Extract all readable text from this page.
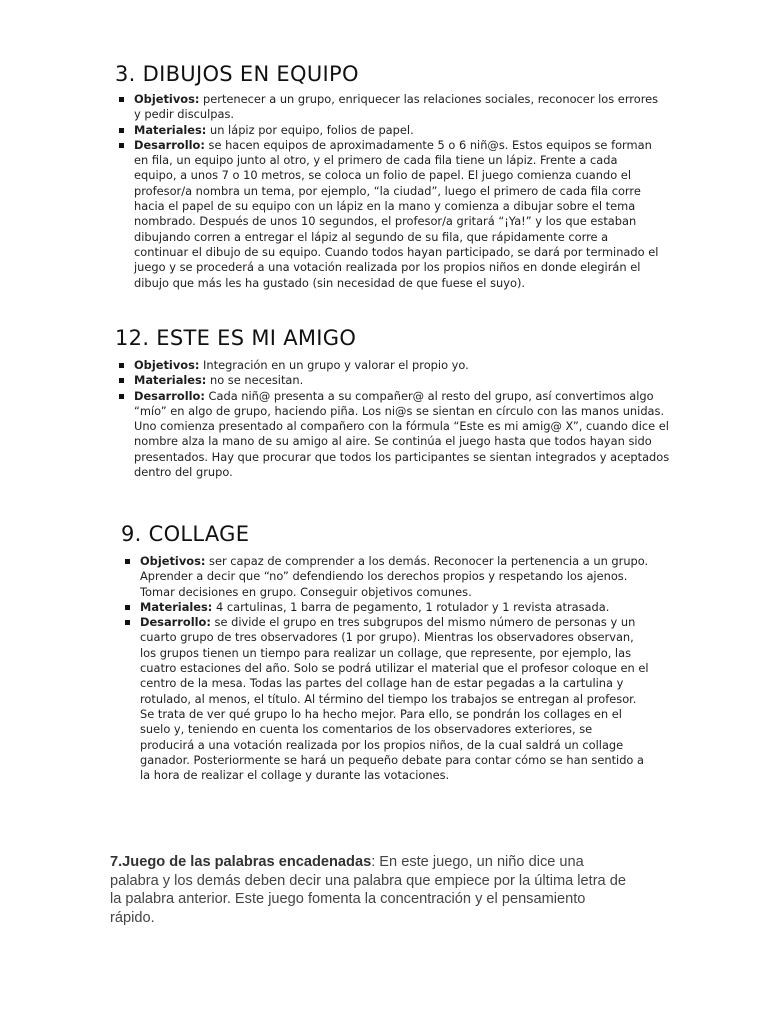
3. DIBUJOS EN EQUIPO
Objetivos: pertenecer a un grupo, enriquecer las relaciones sociales, reconocer los errores y pedir disculpas.
Materiales: un lápiz por equipo, folios de papel.
Desarrollo: se hacen equipos de aproximadamente 5 o 6 niñ@s. Estos equipos se forman en fila, un equipo junto al otro, y el primero de cada fila tiene un lápiz. Frente a cada equipo, a unos 7 o 10 metros, se coloca un folio de papel. El juego comienza cuando el profesor/a nombra un tema, por ejemplo, “la ciudad”, luego el primero de cada fila corre hacia el papel de su equipo con un lápiz en la mano y comienza a dibujar sobre el tema nombrado. Después de unos 10 segundos, el profesor/a gritará “¡Ya!” y los que estaban dibujando corren a entregar el lápiz al segundo de su fila, que rápidamente corre a continuar el dibujo de su equipo. Cuando todos hayan participado, se dará por terminado el juego y se procederá a una votación realizada por los propios niños en donde elegirán el dibujo que más les ha gustado (sin necesidad de que fuese el suyo).
12. ESTE ES MI AMIGO
Objetivos: Integración en un grupo y valorar el propio yo.
Materiales: no se necesitan.
Desarrollo: Cada niñ@ presenta a su compañer@ al resto del grupo, así convertimos algo “mío” en algo de grupo, haciendo piña. Los ni@s se sientan en círculo con las manos unidas. Uno comienza presentado al compañero con la fórmula “Este es mi amig@ X”, cuando dice el nombre alza la mano de su amigo al aire. Se continúa el juego hasta que todos hayan sido presentados. Hay que procurar que todos los participantes se sientan integrados y aceptados dentro del grupo.
9. COLLAGE
Objetivos: ser capaz de comprender a los demás. Reconocer la pertenencia a un grupo. Aprender a decir que “no” defendiendo los derechos propios y respetando los ajenos. Tomar decisiones en grupo. Conseguir objetivos comunes.
Materiales: 4 cartulinas, 1 barra de pegamento, 1 rotulador y 1 revista atrasada.
Desarrollo: se divide el grupo en tres subgrupos del mismo número de personas y un cuarto grupo de tres observadores (1 por grupo). Mientras los observadores observan, los grupos tienen un tiempo para realizar un collage, que represente, por ejemplo, las cuatro estaciones del año. Solo se podrá utilizar el material que el profesor coloque en el centro de la mesa. Todas las partes del collage han de estar pegadas a la cartulina y rotulado, al menos, el título. Al término del tiempo los trabajos se entregan al profesor. Se trata de ver qué grupo lo ha hecho mejor. Para ello, se pondrán los collages en el suelo y, teniendo en cuenta los comentarios de los observadores exteriores, se producirá a una votación realizada por los propios niños, de la cual saldrá un collage ganador. Posteriormente se hará un pequeño debate para contar cómo se han sentido a la hora de realizar el collage y durante las votaciones.

7.Juego de las palabras encadenadas: En este juego, un niño dice una palabra y los demás deben decir una palabra que empiece por la última letra de la palabra anterior. Este juego fomenta la concentración y el pensamiento rápido.
